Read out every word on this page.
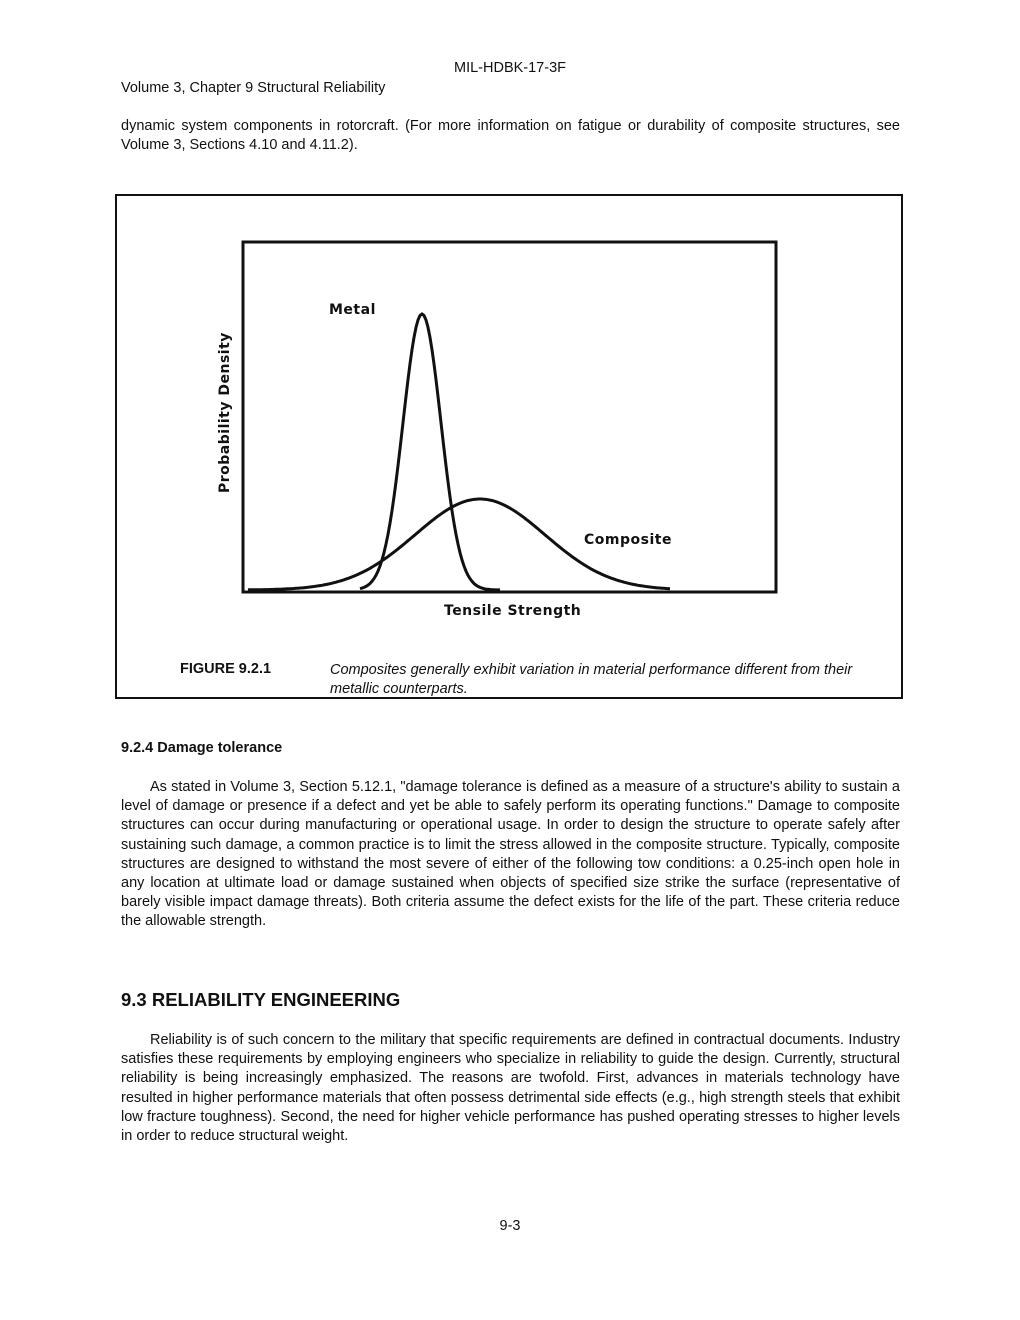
MIL-HDBK-17-3F
Volume 3, Chapter 9 Structural Reliability

dynamic system components in rotorcraft. (For more information on fatigue or durability of composite structures, see Volume 3, Sections 4.10 and 4.11.2).

Metal
Composite
Tensile Strength
Probability Density
FIGURE 9.2.1	Composites generally exhibit variation in material performance different from their metallic counterparts.
9.2.4 Damage tolerance

As stated in Volume 3, Section 5.12.1, "damage tolerance is defined as a measure of a structure's ability to sustain a level of damage or presence if a defect and yet be able to safely perform its operating functions." Damage to composite structures can occur during manufacturing or operational usage. In order to design the structure to operate safely after sustaining such damage, a common practice is to limit the stress allowed in the composite structure. Typically, composite structures are designed to withstand the most severe of either of the following tow conditions: a 0.25-inch open hole in any location at ultimate load or damage sustained when objects of specified size strike the surface (representative of barely visible impact damage threats). Both criteria assume the defect exists for the life of the part. These criteria reduce the allowable strength.

9.3 RELIABILITY ENGINEERING

Reliability is of such concern to the military that specific requirements are defined in contractual documents. Industry satisfies these requirements by employing engineers who specialize in reliability to guide the design. Currently, structural reliability is being increasingly emphasized. The reasons are twofold. First, advances in materials technology have resulted in higher performance materials that often possess detrimental side effects (e.g., high strength steels that exhibit low fracture toughness). Second, the need for higher vehicle performance has pushed operating stresses to higher levels in order to reduce structural weight.

9-3
